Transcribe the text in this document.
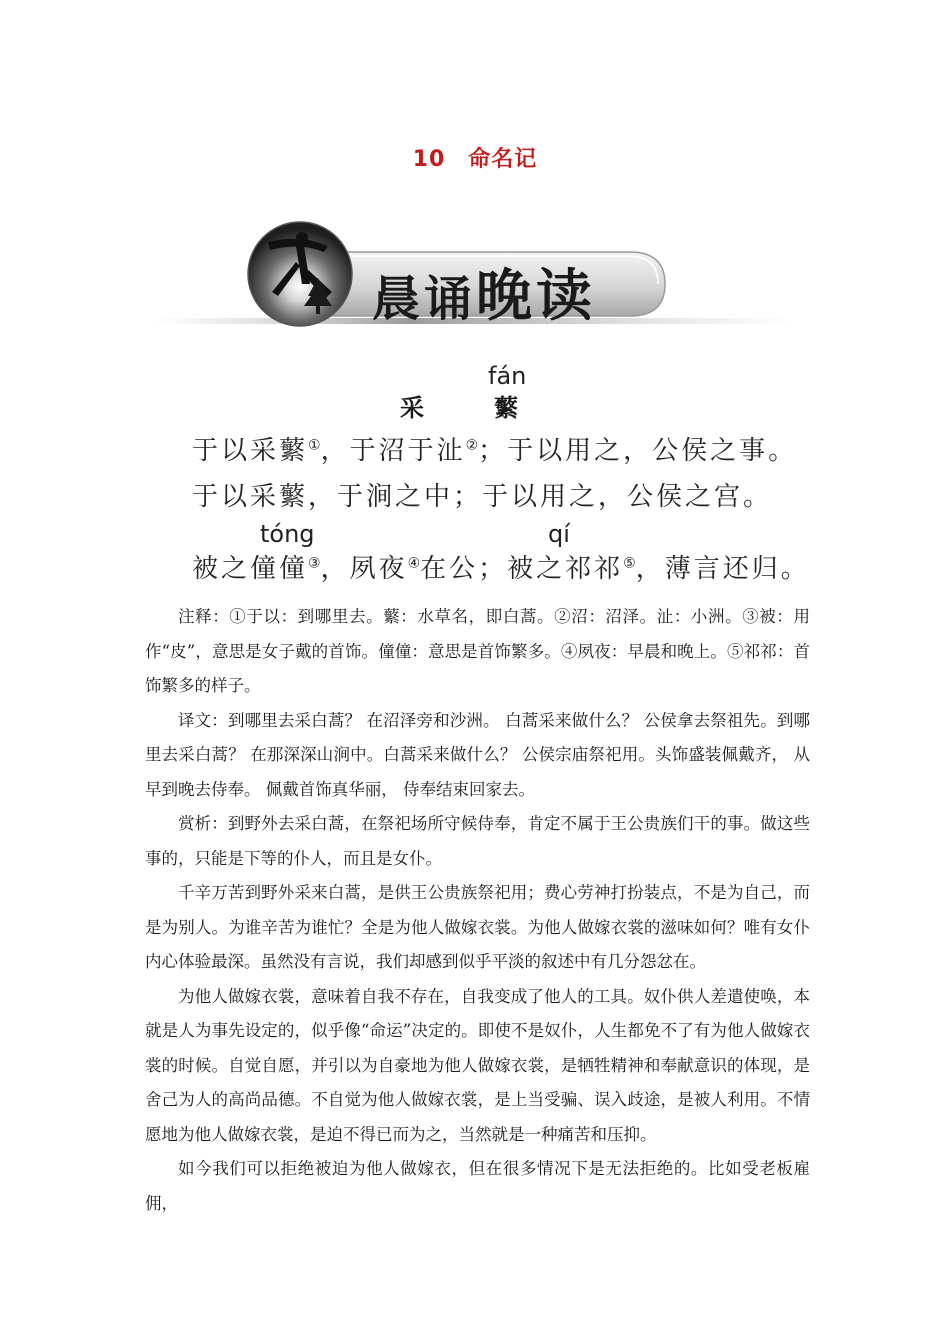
10　命名记
晨诵晚读
fán
采	蘩
于以采蘩①，于沼于沚②；于以用之，公侯之事。
于以采蘩，于涧之中；于以用之，公侯之宫。
tóng	qí
被之僮僮③，夙夜④在公；被之祁祁⑤，薄言还归。

注释：①于以：到哪里去。蘩：水草名，即白蒿。②沼：沼泽。沚：小洲。③被：用作“皮”，意思是女子戴的首饰。僮僮：意思是首饰繁多。④夙夜：早晨和晚上。⑤祁祁：首饰繁多的样子。

译文：到哪里去采白蒿？ 在沼泽旁和沙洲。 白蒿采来做什么？ 公侯拿去祭祖先。到哪里去采白蒿？ 在那深深山涧中。白蒿采来做什么？ 公侯宗庙祭祀用。头饰盛装佩戴齐， 从早到晚去侍奉。 佩戴首饰真华丽， 侍奉结束回家去。

赏析：到野外去采白蒿，在祭祀场所守候侍奉，肯定不属于王公贵族们干的事。做这些事的，只能是下等的仆人，而且是女仆。

千辛万苦到野外采来白蒿，是供王公贵族祭祀用；费心劳神打扮装点，不是为自己，而是为别人。为谁辛苦为谁忙？全是为他人做嫁衣裳。为他人做嫁衣裳的滋味如何？唯有女仆内心体验最深。虽然没有言说，我们却感到似乎平淡的叙述中有几分怨忿在。

为他人做嫁衣裳，意味着自我不存在，自我变成了他人的工具。奴仆供人差遣使唤，本就是人为事先设定的，似乎像“命运”决定的。即使不是奴仆，人生都免不了有为他人做嫁衣裳的时候。自觉自愿，并引以为自豪地为他人做嫁衣裳，是牺牲精神和奉献意识的体现，是舍己为人的高尚品德。不自觉为他人做嫁衣裳，是上当受骗、误入歧途，是被人利用。不情愿地为他人做嫁衣裳，是迫不得已而为之，当然就是一种痛苦和压抑。

如今我们可以拒绝被迫为他人做嫁衣，但在很多情况下是无法拒绝的。比如受老板雇佣，
